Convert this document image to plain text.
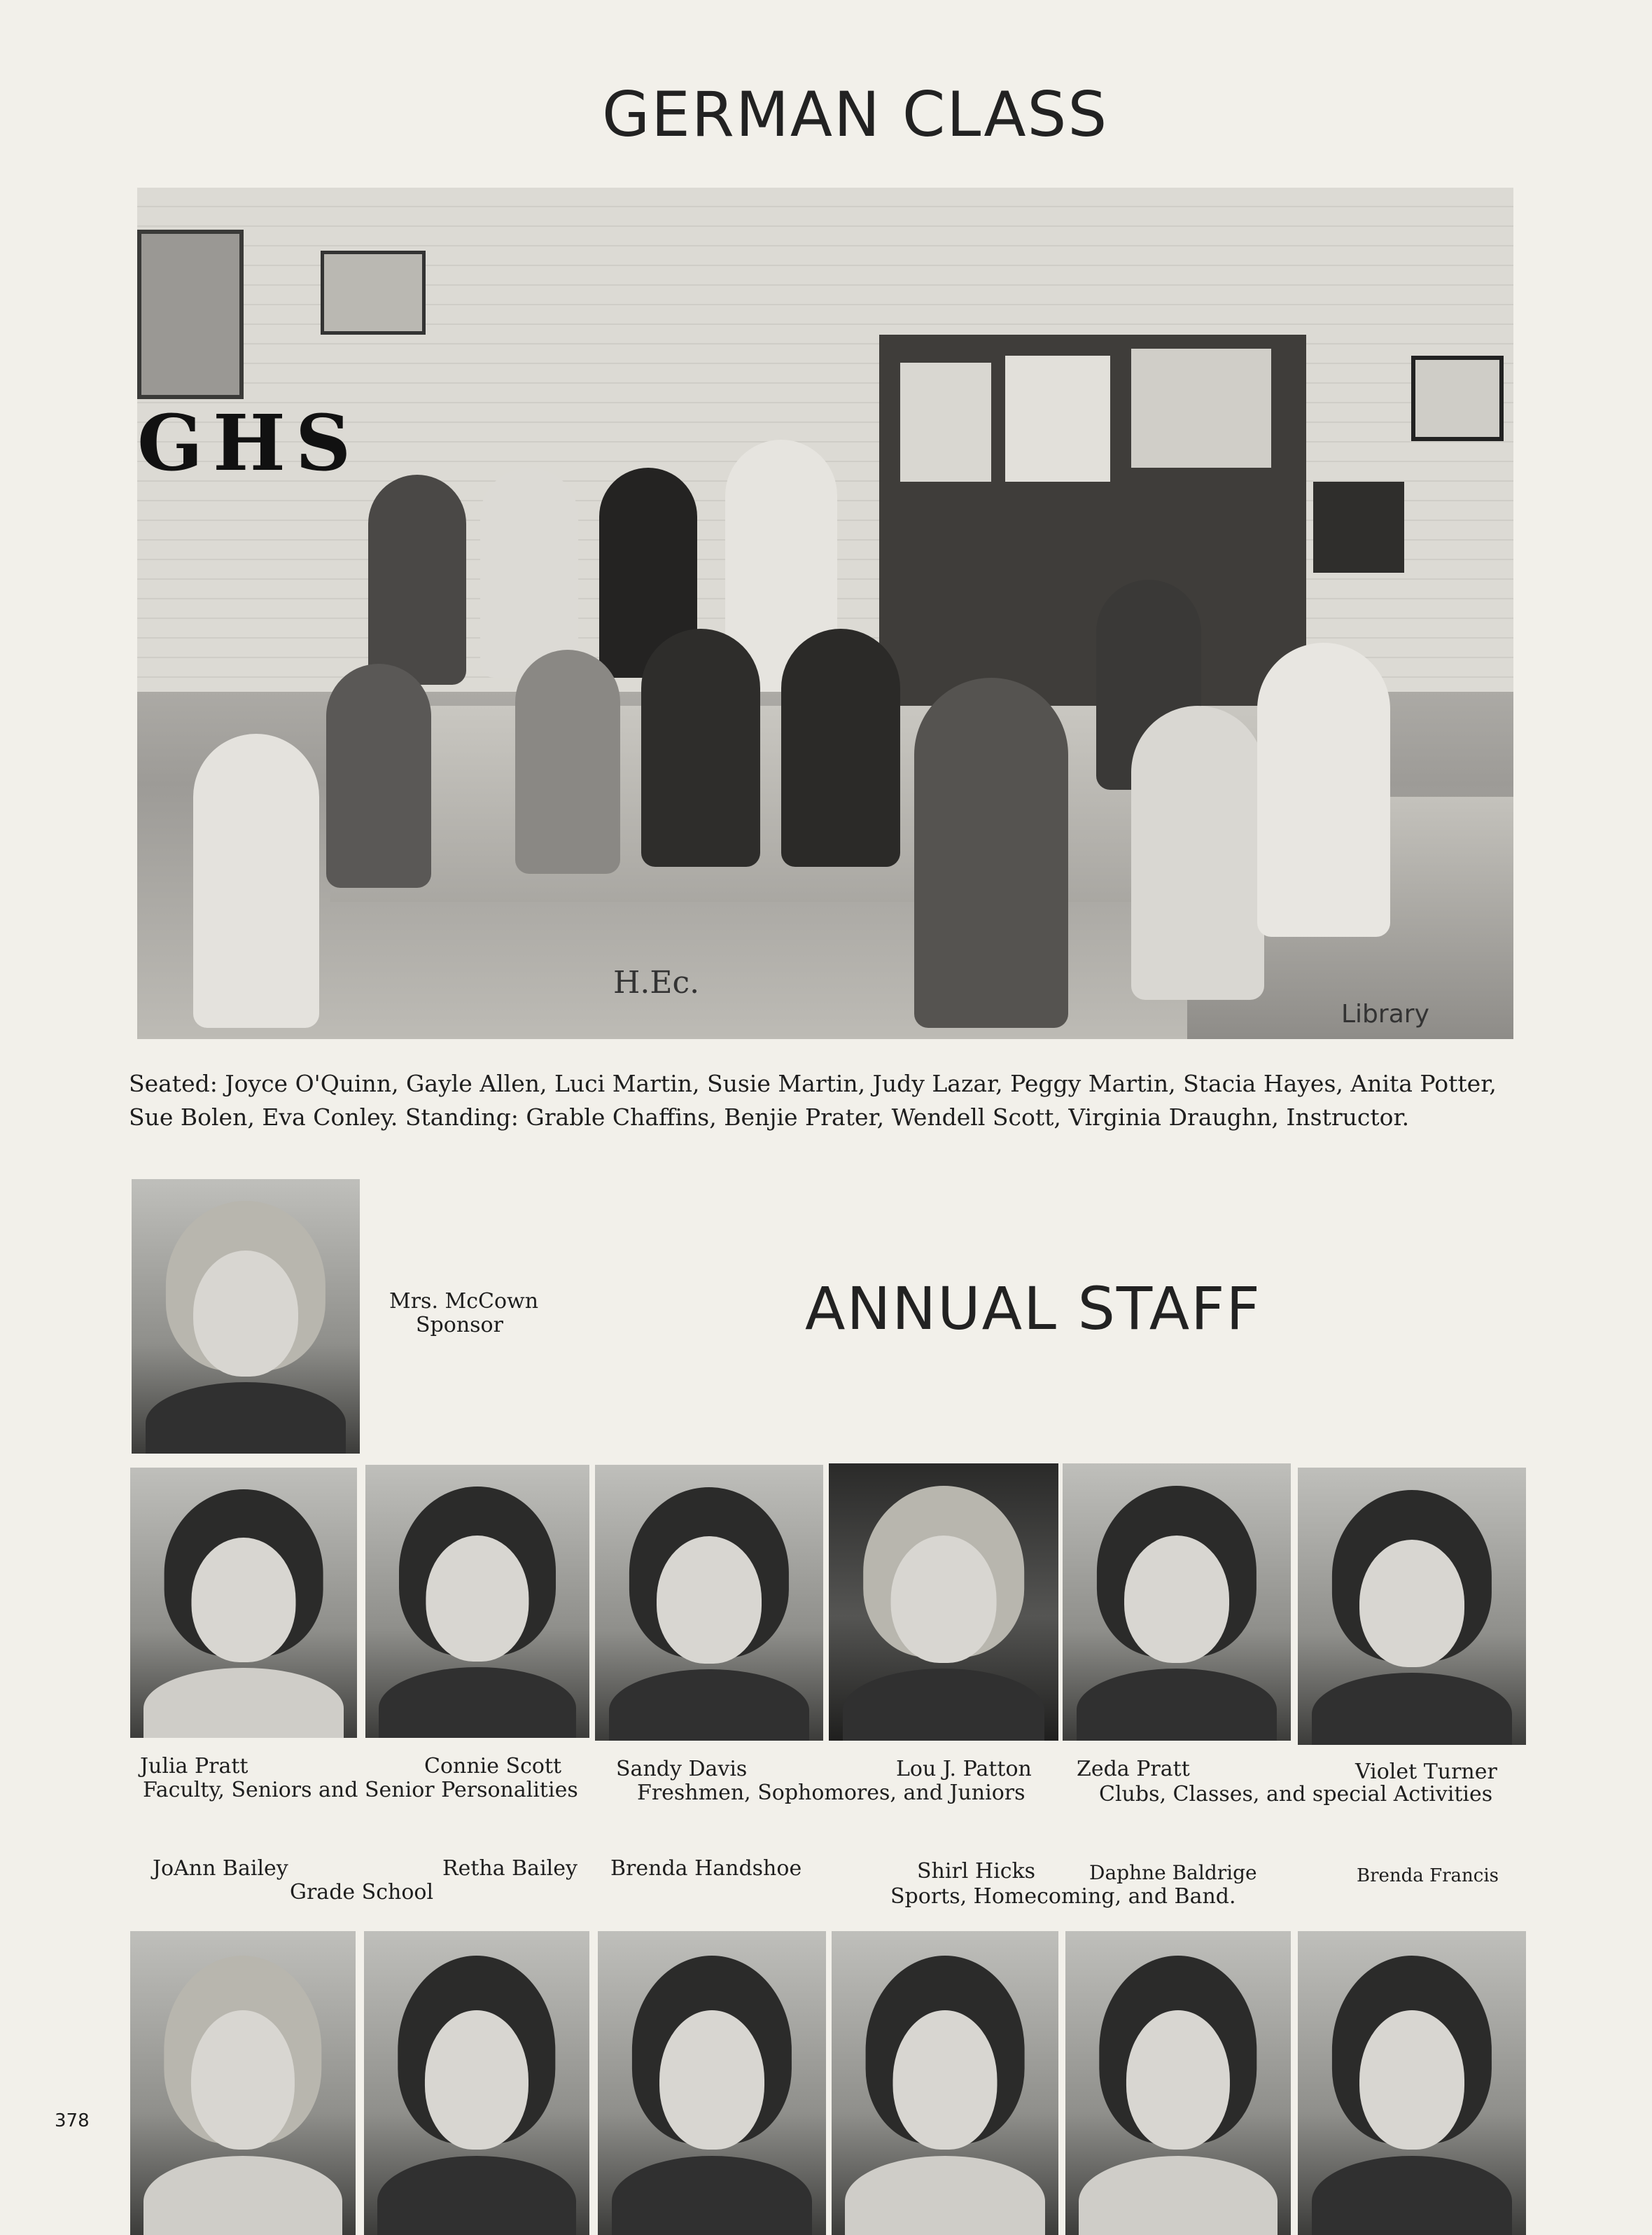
GERMAN CLASS
GHS
H.Ec.
Library
Seated: Joyce O'Quinn, Gayle Allen, Luci Martin, Susie Martin, Judy Lazar, Peggy Martin, Stacia Hayes, Anita Potter, Sue Bolen, Eva Conley. Standing: Grable Chaffins, Benjie Prater, Wendell Scott, Virginia Draughn, Instructor.
Mrs. McCown
Sponsor	ANNUAL STAFF
Julia Pratt	Connie Scott	Sandy Davis	Lou J. Patton Zeda Pratt	Violet Turner
Faculty, Seniors and Senior Personalities	Freshmen, Sophomores, and Juniors	Clubs, Classes, and special Activities
JoAnn Bailey	Retha Bailey Brenda Handshoe	Shirl Hicks	Daphne Baldrige	Brenda Francis
Grade School	Sports, Homecoming, and Band.
378
